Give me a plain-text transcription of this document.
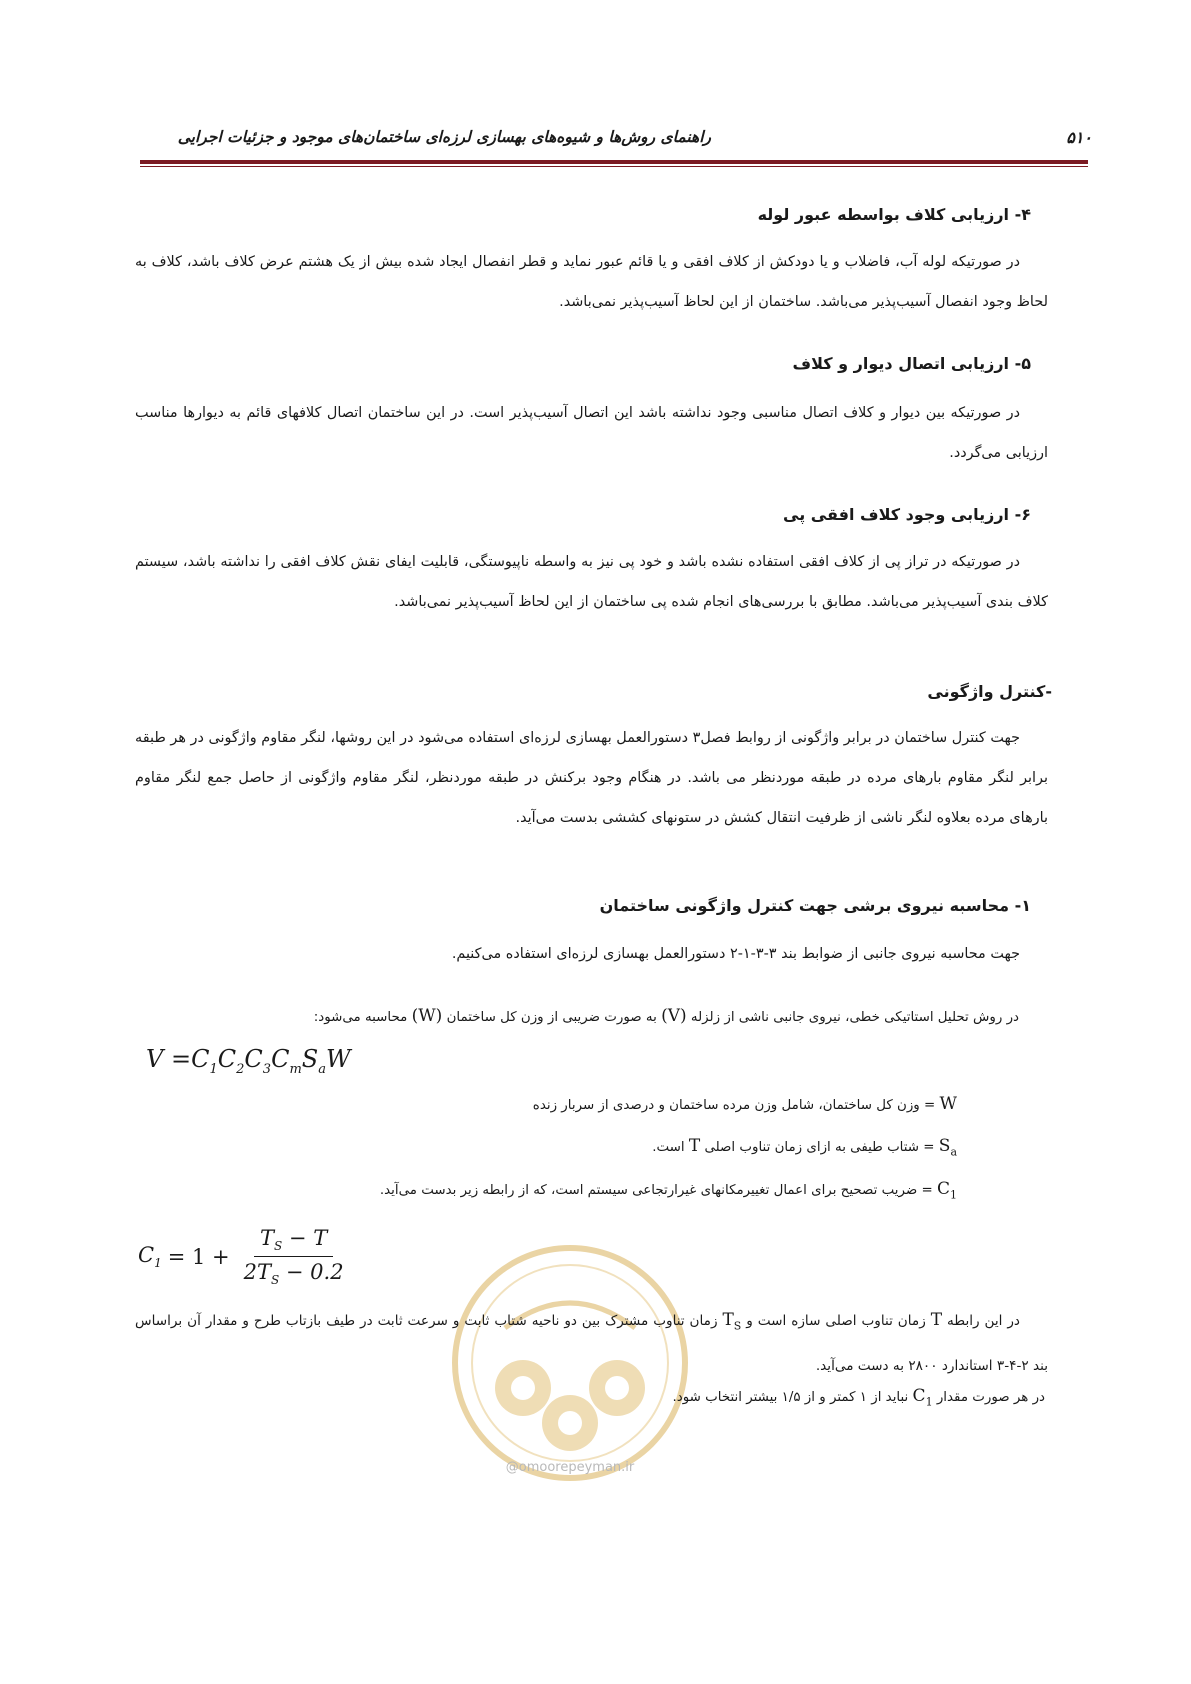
۵۱۰
راهنمای روش‌ها و شیوه‌های بهسازی لرزه‌ای ساختمان‌های موجود و جزئیات اجرایی
۴- ارزیابی کلاف بواسطه عبور لوله

در صورتیکه لوله آب، فاضلاب و یا دودکش از کلاف افقی و یا قائم عبور نماید و قطر انفصال ایجاد شده بیش از یک هشتم عرض کلاف باشد، کلاف به لحاظ وجود انفصال آسیب‌پذیر می‌باشد. ساختمان از این لحاظ آسیب‌پذیر نمی‌باشد.

۵- ارزیابی اتصال دیوار و کلاف

در صورتیکه بین دیوار و کلاف اتصال مناسبی وجود نداشته باشد این اتصال آسیب‌پذیر است. در این ساختمان اتصال کلافهای قائم به دیوارها مناسب ارزیابی می‌گردد.

۶- ارزیابی وجود کلاف افقی پی

در صورتیکه در تراز پی از کلاف افقی استفاده نشده باشد و خود پی نیز به واسطه ناپیوستگی، قابلیت ایفای نقش کلاف افقی را نداشته باشد، سیستم کلاف بندی آسیب‌پذیر می‌باشد. مطابق با بررسی‌های انجام شده پی ساختمان از این لحاظ آسیب‌پذیر نمی‌باشد.

-کنترل واژگونی

جهت کنترل ساختمان در برابر واژگونی از روابط فصل۳ دستورالعمل بهسازی لرزه‌ای استفاده می‌شود در این روشها، لنگر مقاوم واژگونی در هر طبقه برابر لنگر مقاوم بارهای مرده در طبقه موردنظر می باشد. در هنگام وجود برکنش در طبقه موردنظر، لنگر مقاوم واژگونی از حاصل جمع لنگر مقاوم بارهای مرده بعلاوه لنگر ناشی از ظرفیت انتقال کشش در ستونهای کششی بدست می‌آید.

۱- محاسبه نیروی برشی جهت کنترل واژگونی ساختمان

جهت محاسبه نیروی جانبی از ضوابط بند ۳-۳-۱-۲ دستورالعمل بهسازی لرزه‌ای استفاده می‌کنیم.

در روش تحلیل استاتیکی خطی، نیروی جانبی ناشی از زلزله (V) به صورت ضریبی از وزن کل ساختمان (W) محاسبه می‌شود:
$V =C_1C_2C_3C_mS_aW$
W = وزن کل ساختمان، شامل وزن مرده ساختمان و درصدی از سربار زنده
$S_a$ = شتاب طیفی به ازای زمان تناوب اصلی T است.
$C_1$ = ضریب تصحیح برای اعمال تغییرمکانهای غیرارتجاعی سیستم است، که از رابطه زیر بدست می‌آید.
$C_1 = 1 + \frac{T_S - T}{2T_S - 0.2}$
@omoorepeyman.ir

در این رابطه T زمان تناوب اصلی سازه است و $T_S$ زمان تناوب مشترک بین دو ناحیه شتاب ثابت و سرعت ثابت در طیف بازتاب طرح و مقدار آن براساس بند ۲-۴-۳ استاندارد ۲۸۰۰ به دست می‌آید.

در هر صورت مقدار $C_1$ نباید از ۱ کمتر و از ۱/۵ بیشتر انتخاب شود.
